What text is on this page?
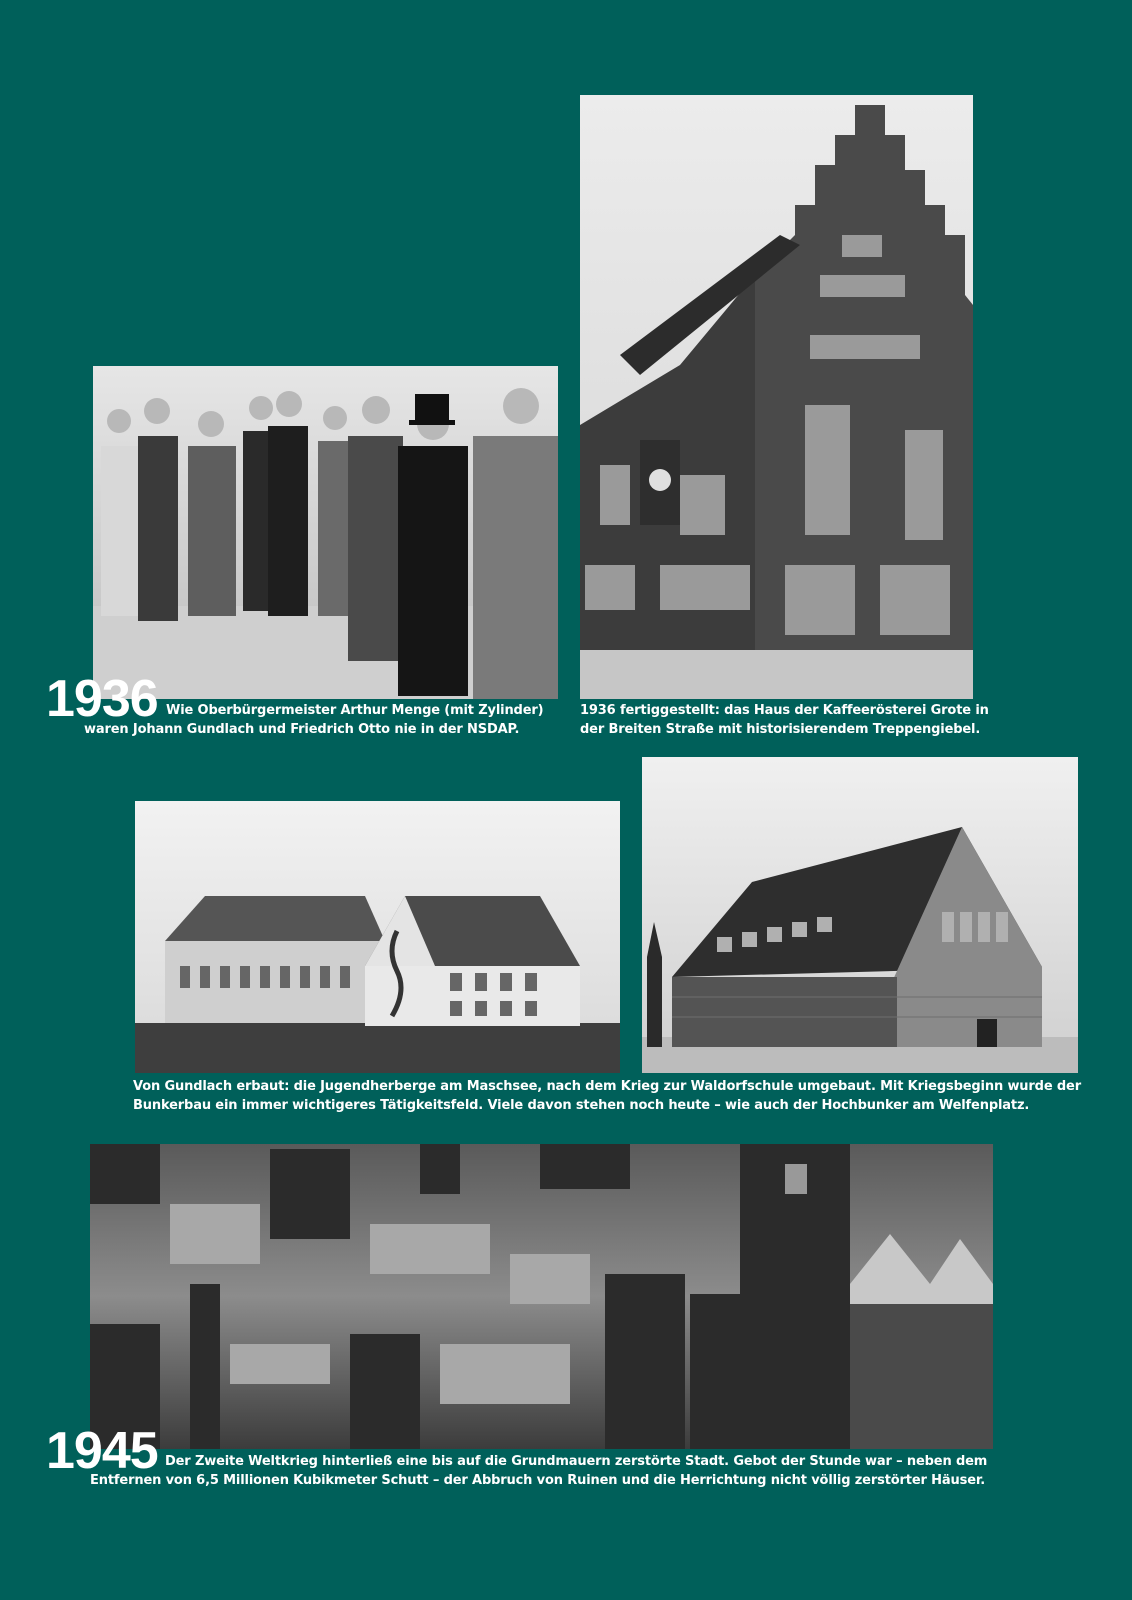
1936 Wie Oberbürgermeister Arthur Menge (mit Zylinder)
waren Johann Gundlach und Friedrich Otto nie in der NSDAP.
1936 fertiggestellt: das Haus der Kaffeerösterei Grote in
der Breiten Straße mit historisierendem Treppengiebel.
Von Gundlach erbaut: die Jugendherberge am Maschsee, nach dem Krieg zur Waldorfschule umgebaut. Mit Kriegsbeginn wurde der
Bunkerbau ein immer wichtigeres Tätigkeitsfeld. Viele davon stehen noch heute – wie auch der Hochbunker am Welfenplatz.
1945 Der Zweite Weltkrieg hinterließ eine bis auf die Grundmauern zerstörte Stadt. Gebot der Stunde war – neben dem
Entfernen von 6,5 Millionen Kubikmeter Schutt – der Abbruch von Ruinen und die Herrichtung nicht völlig zerstörter Häuser.
